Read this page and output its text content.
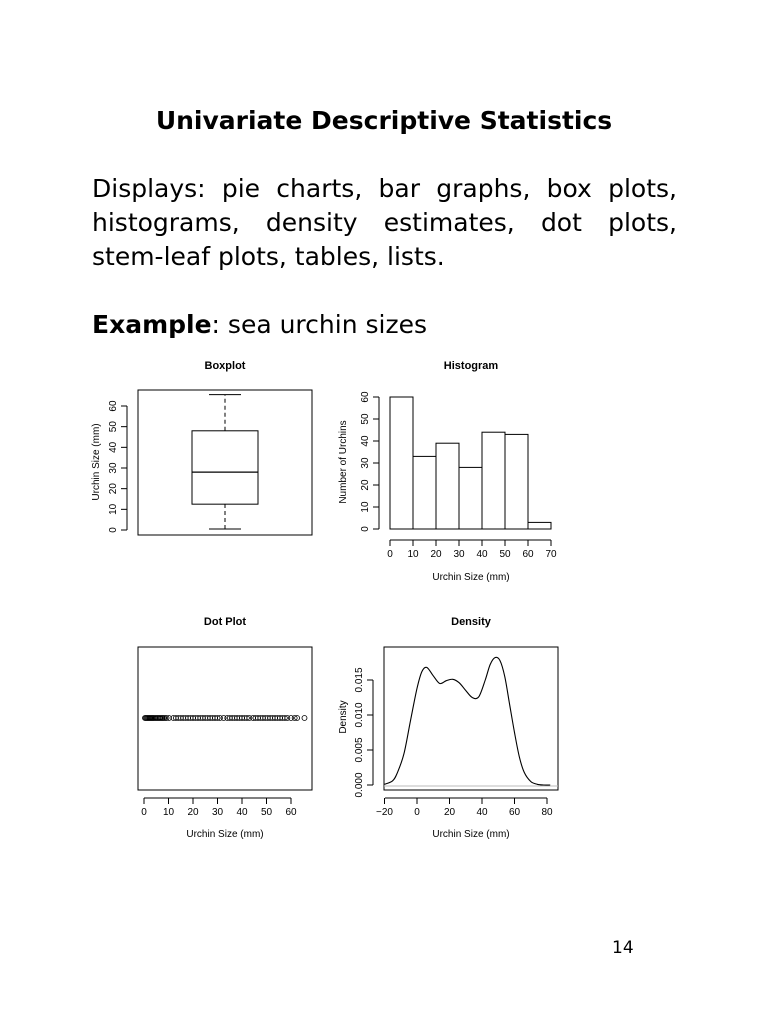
Univariate Descriptive Statistics

Displays: pie charts, bar graphs, box plots, histograms, density estimates, dot plots, stem-leaf plots, tables, lists.

Example: sea urchin sizes

Boxplot
0
10
20
30
40
50
60
Urchin Size (mm)
Histogram
0
10
20
30
40
50
60
0 10 20 30 40 50 60 70
Urchin Size (mm)
Number of Urchins
Dot Plot
0 10 20 30 40 50 60
Urchin Size (mm)
Density
0.000
0.005
0.010
0.015
−20 0 20 40 60 80
Urchin Size (mm)
Density
14
